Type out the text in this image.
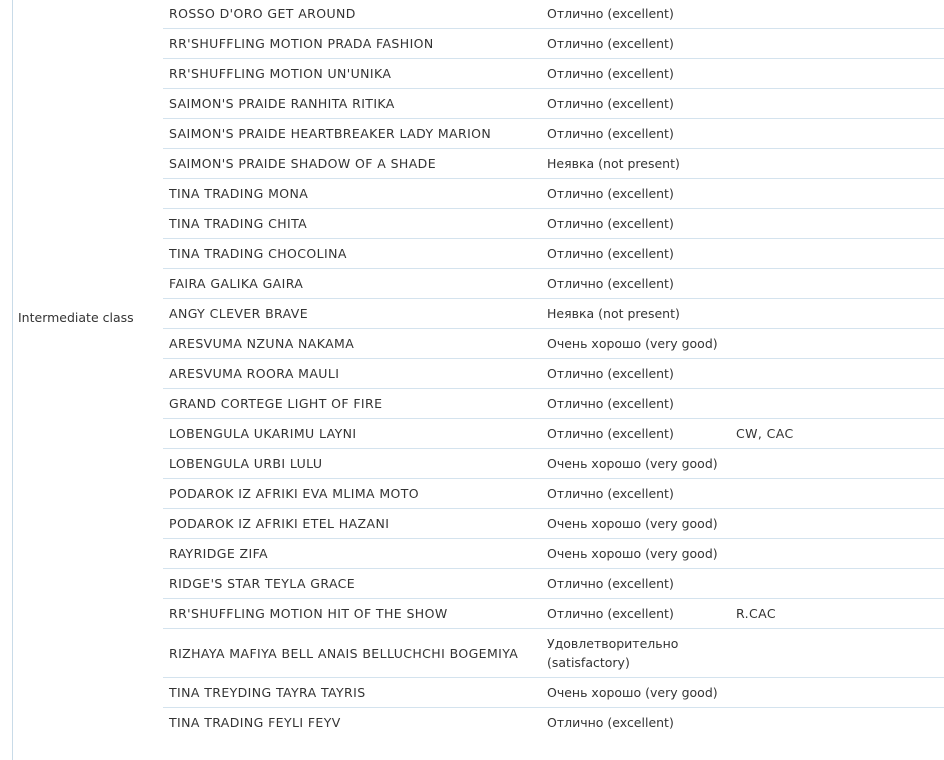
Intermediate class
ROSSO D'ORO GET AROUND	Отлично (excellent)	
RR'SHUFFLING MOTION PRADA FASHION	Отлично (excellent)	
RR'SHUFFLING MOTION UN'UNIKA	Отлично (excellent)	
SAIMON'S PRAIDE RANHITA RITIKA	Отлично (excellent)	
SAIMON'S PRAIDE HEARTBREAKER LADY MARION	Отлично (excellent)	
SAIMON'S PRAIDE SHADOW OF A SHADE	Неявка (not present)	
TINA TRADING MONA	Отлично (excellent)	
TINA TRADING CHITA	Отлично (excellent)	
TINA TRADING CHOCOLINA	Отлично (excellent)	
FAIRA GALIKA GAIRA	Отлично (excellent)	
ANGY CLEVER BRAVE	Неявка (not present)	
ARESVUMA NZUNA NAKAMA	Очень хорошо (very good)	
ARESVUMA ROORA MAULI	Отлично (excellent)	
GRAND CORTEGE LIGHT OF FIRE	Отлично (excellent)	
LOBENGULA UKARIMU LAYNI	Отлично (excellent)	CW, CAC
LOBENGULA URBI LULU	Очень хорошо (very good)	
PODAROK IZ AFRIKI EVA MLIMA MOTO	Отлично (excellent)	
PODAROK IZ AFRIKI ETEL HAZANI	Очень хорошо (very good)	
RAYRIDGE ZIFA	Очень хорошо (very good)	
RIDGE'S STAR TEYLA GRACE	Отлично (excellent)	
RR'SHUFFLING MOTION HIT OF THE SHOW	Отлично (excellent)	R.CAC
RIZHAYA MAFIYA BELL ANAIS BELLUCHCHI BOGEMIYA	Удовлетворительно (satisfactory)	
TINA TREYDING TAYRA TAYRIS	Очень хорошо (very good)	
TINA TRADING FEYLI FEYV	Отлично (excellent)	
